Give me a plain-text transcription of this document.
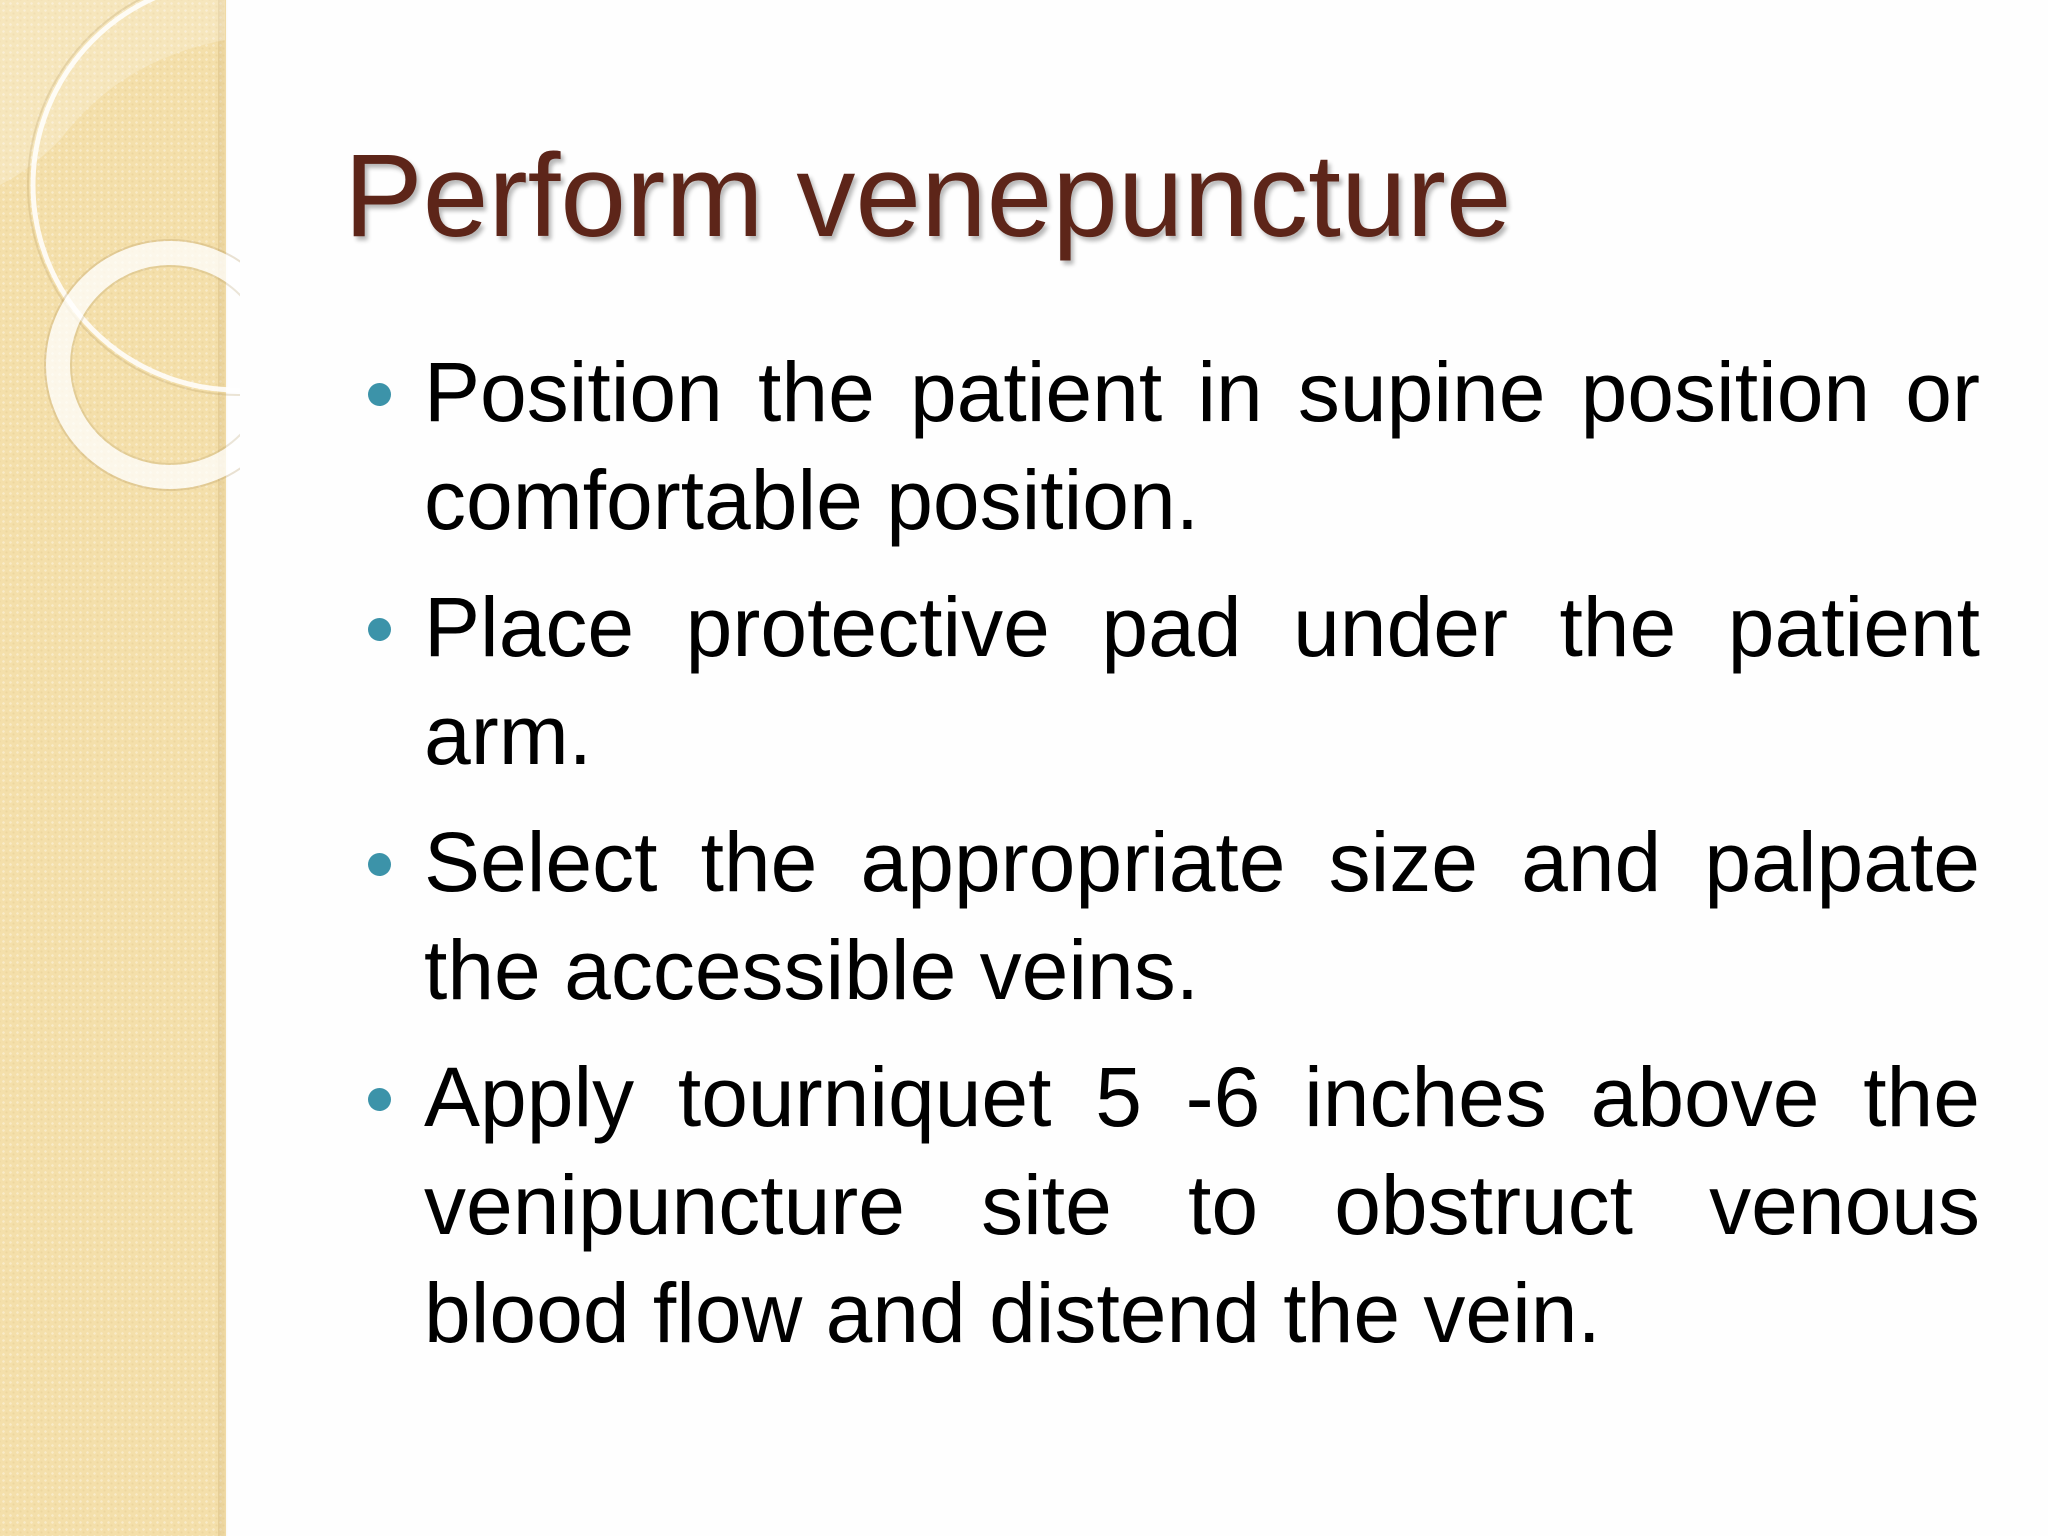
Perform venepuncture
Position the patient in supine position or comfortable position.
Place protective pad under the patient arm.
Select the appropriate size and palpate the accessible veins.
Apply tourniquet 5 -6 inches above the venipuncture site to obstruct venous blood flow and distend the vein.
